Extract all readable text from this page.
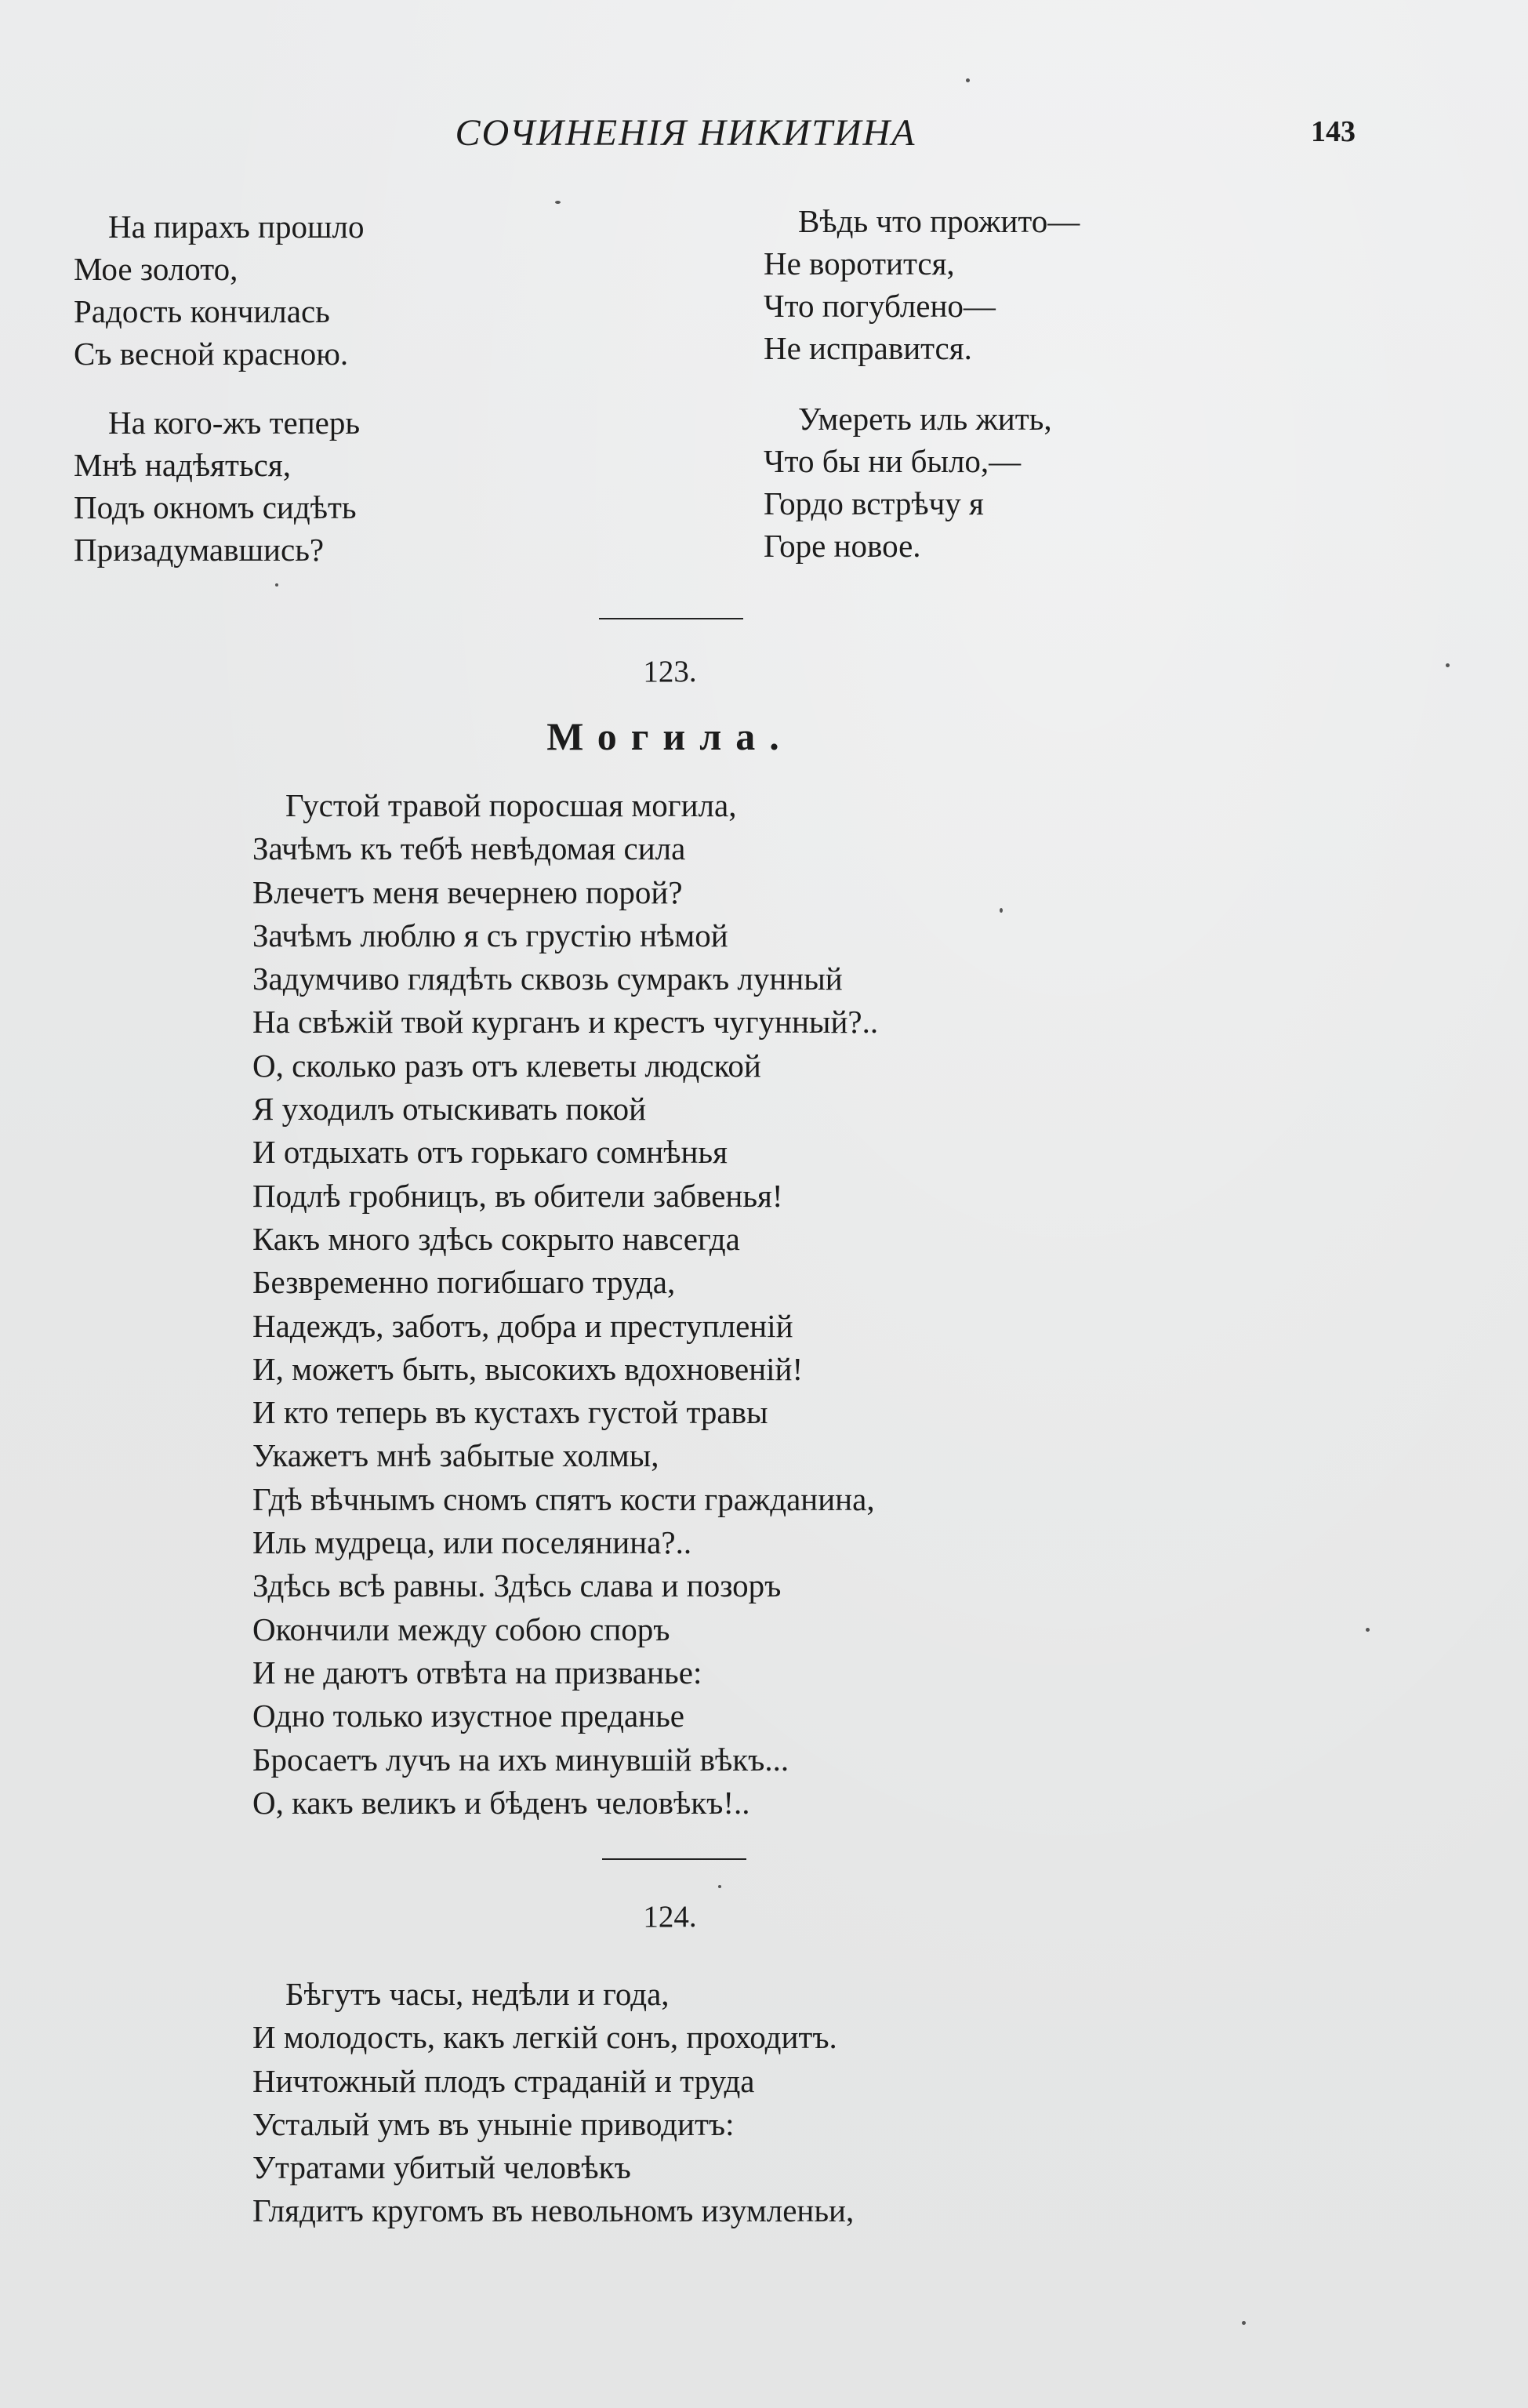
СОЧИНЕНІЯ НИКИТИНА	143
На пирахъ прошло
Мое золото,
Радость кончилась
Съ весной красною.
На кого-жъ теперь
Мнѣ надѣяться,
Подъ окномъ сидѣть
Призадумавшись?
Вѣдь что прожито—
Не воротится,
Что погублено—
Не исправится.
Умереть иль жить,
Что бы ни было,—
Гордо встрѣчу я
Горе новое.
123.
Могила.
Густой травой поросшая могила,
Зачѣмъ къ тебѣ невѣдомая сила
Влечетъ меня вечернею порой?
Зачѣмъ люблю я съ грустію нѣмой
Задумчиво глядѣть сквозь сумракъ лунный
На свѣжій твой курганъ и крестъ чугунный?..
О, сколько разъ отъ клеветы людской
Я уходилъ отыскивать покой
И отдыхать отъ горькаго сомнѣнья
Подлѣ гробницъ, въ обители забвенья!
Какъ много здѣсь сокрыто навсегда
Безвременно погибшаго труда,
Надеждъ, заботъ, добра и преступленій
И, можетъ быть, высокихъ вдохновеній!
И кто теперь въ кустахъ густой травы
Укажетъ мнѣ забытые холмы,
Гдѣ вѣчнымъ сномъ спятъ кости гражданина,
Иль мудреца, или поселянина?..
Здѣсь всѣ равны. Здѣсь слава и позоръ
Окончили между собою споръ
И не даютъ отвѣта на призванье:
Одно только изустное преданье
Бросаетъ лучъ на ихъ минувшій вѣкъ...
О, какъ великъ и бѣденъ человѣкъ!..
124.
Бѣгутъ часы, недѣли и года,
И молодость, какъ легкій сонъ, проходитъ.
Ничтожный плодъ страданій и труда
Усталый умъ въ уныніе приводитъ:
Утратами убитый человѣкъ
Глядитъ кругомъ въ невольномъ изумленьи,
